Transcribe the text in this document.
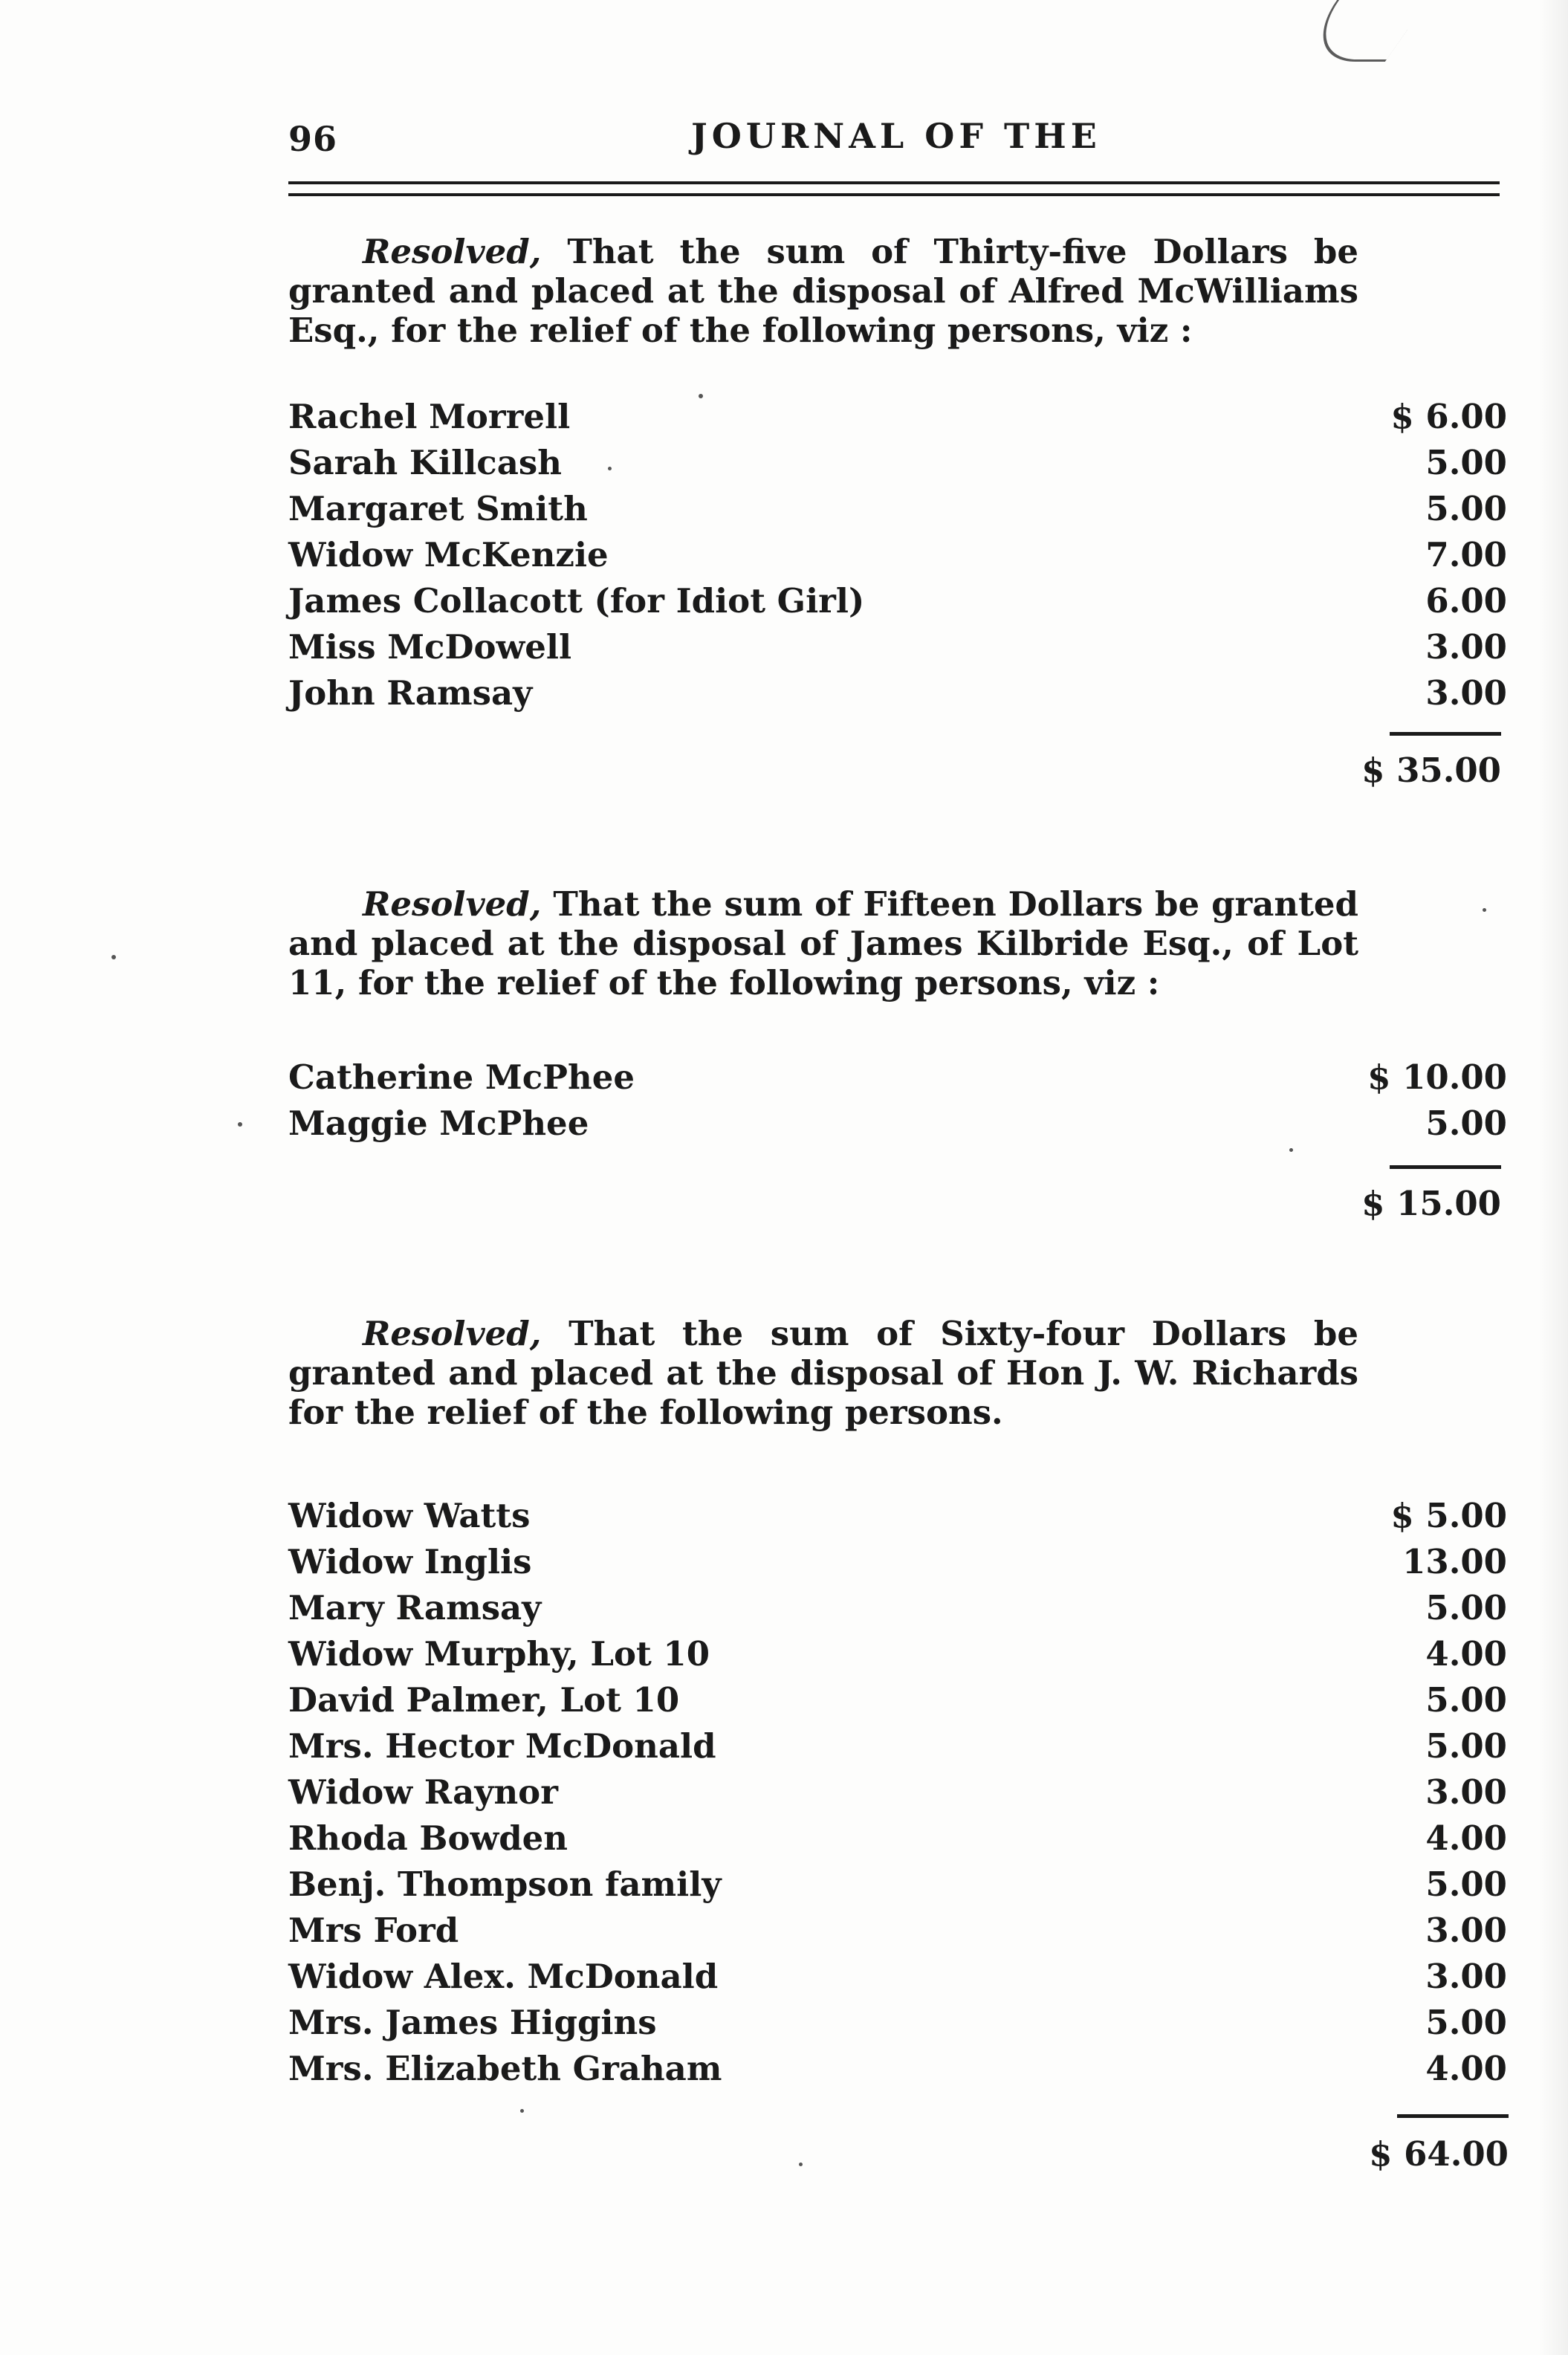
96	JOURNAL OF THE
Resolved, That the sum of Thirty-five Dollars be granted and placed at the disposal of Alfred McWilliams Esq., for the relief of the following persons, viz :
Rachel Morrell	$ 6.00
Sarah Killcash	5.00
Margaret Smith	5.00
Widow McKenzie	7.00
James Collacott (for Idiot Girl)	6.00
Miss McDowell	3.00
John Ramsay	3.00
$ 35.00
Resolved, That the sum of Fifteen Dollars be granted and placed at the disposal of James Kilbride Esq., of Lot 11, for the relief of the following persons, viz :
Catherine McPhee	$ 10.00
Maggie McPhee	5.00
$ 15.00
Resolved, That the sum of Sixty-four Dollars be granted and placed at the disposal of Hon J. W. Richards for the relief of the following persons.
Widow Watts	$ 5.00
Widow Inglis	13.00
Mary Ramsay	5.00
Widow Murphy, Lot 10	4.00
David Palmer, Lot 10	5.00
Mrs. Hector McDonald	5.00
Widow Raynor	3.00
Rhoda Bowden	4.00
Benj. Thompson family	5.00
Mrs Ford	3.00
Widow Alex. McDonald	3.00
Mrs. James Higgins	5.00
Mrs. Elizabeth Graham	4.00
$ 64.00
